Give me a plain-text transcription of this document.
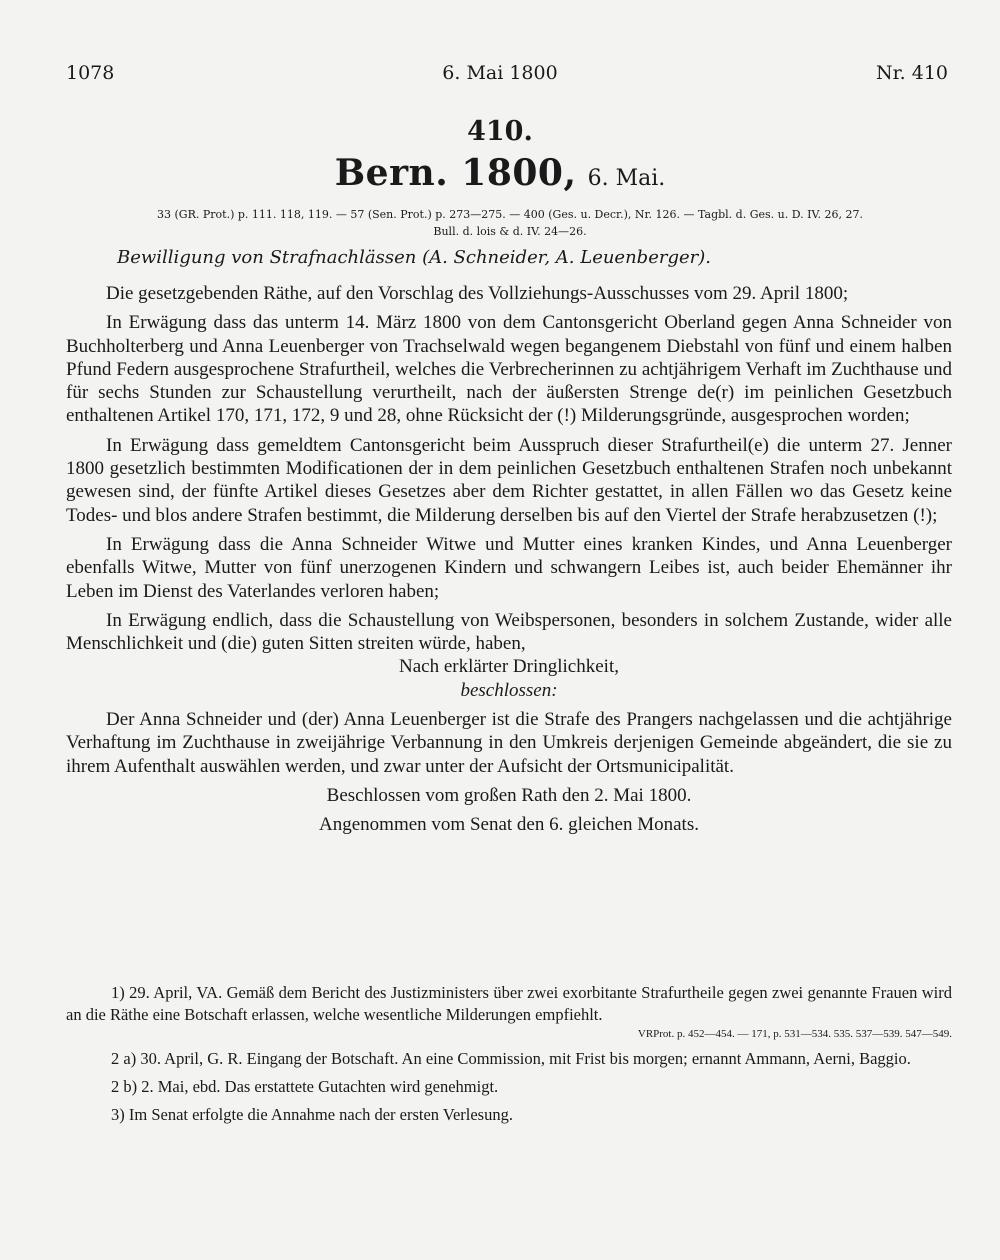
1078	6. Mai 1800	Nr. 410
410.
Bern. 1800, 6. Mai.
33 (GR. Prot.) p. 111. 118, 119. — 57 (Sen. Prot.) p. 273—275. — 400 (Ges. u. Decr.), Nr. 126. — Tagbl. d. Ges. u. D. IV. 26, 27.
Bull. d. lois & d. IV. 24—26.
Bewilligung von Strafnachlässen (A. Schneider, A. Leuenberger).

Die gesetzgebenden Räthe, auf den Vorschlag des Vollziehungs-Ausschusses vom 29. April 1800;

In Erwägung dass das unterm 14. März 1800 von dem Cantonsgericht Oberland gegen Anna Schneider von Buchholterberg und Anna Leuenberger von Trachselwald wegen begangenem Diebstahl von fünf und einem halben Pfund Federn ausgesprochene Strafurtheil, welches die Verbrecherinnen zu achtjährigem Verhaft im Zuchthause und für sechs Stunden zur Schaustellung verurtheilt, nach der äußersten Strenge de(r) im peinlichen Gesetzbuch enthaltenen Artikel 170, 171, 172, 9 und 28, ohne Rücksicht der (!) Milderungsgründe, ausgesprochen worden;

In Erwägung dass gemeldtem Cantonsgericht beim Ausspruch dieser Strafurtheil(e) die unterm 27. Jenner 1800 gesetzlich bestimmten Modificationen der in dem peinlichen Gesetzbuch enthaltenen Strafen noch unbekannt gewesen sind, der fünfte Artikel dieses Gesetzes aber dem Richter gestattet, in allen Fällen wo das Gesetz keine Todes- und blos andere Strafen bestimmt, die Milderung derselben bis auf den Viertel der Strafe herabzusetzen (!);

In Erwägung dass die Anna Schneider Witwe und Mutter eines kranken Kindes, und Anna Leuenberger ebenfalls Witwe, Mutter von fünf unerzogenen Kindern und schwangern Leibes ist, auch beider Ehemänner ihr Leben im Dienst des Vaterlandes verloren haben;

In Erwägung endlich, dass die Schaustellung von Weibspersonen, besonders in solchem Zustande, wider alle Menschlichkeit und (die) guten Sitten streiten würde, haben,

Nach erklärter Dringlichkeit,

beschlossen:

Der Anna Schneider und (der) Anna Leuenberger ist die Strafe des Prangers nachgelassen und die achtjährige Verhaftung im Zuchthause in zweijährige Verbannung in den Umkreis derjenigen Gemeinde abgeändert, die sie zu ihrem Aufenthalt auswählen werden, und zwar unter der Aufsicht der Ortsmunicipalität.

Beschlossen vom großen Rath den 2. Mai 1800.

Angenommen vom Senat den 6. gleichen Monats.

1) 29. April, VA. Gemäß dem Bericht des Justizministers über zwei exorbitante Strafurtheile gegen zwei genannte Frauen wird an die Räthe eine Botschaft erlassen, welche wesentliche Milderungen empfiehlt.

VRProt. p. 452—454. — 171, p. 531—534. 535. 537—539. 547—549.

2 a) 30. April, G. R. Eingang der Botschaft. An eine Commission, mit Frist bis morgen; ernannt Ammann, Aerni, Baggio.

2 b) 2. Mai, ebd. Das erstattete Gutachten wird genehmigt.

3) Im Senat erfolgte die Annahme nach der ersten Verlesung.
